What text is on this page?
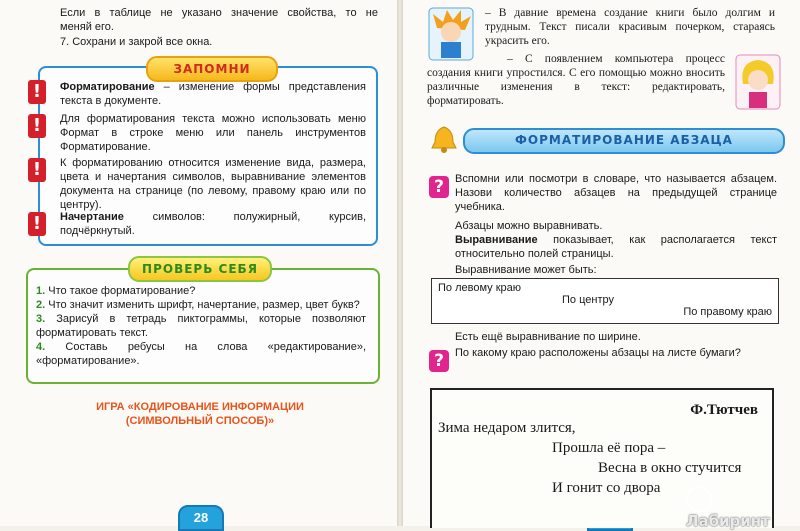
Если в таблице не указано значение свойства, то не
меняй его.
7. Сохрани и закрой все окна.
ЗАПОМНИ
!	Форматирование – изменение формы представления текста в документе.
!	Для форматирования текста можно использовать меню Формат в строке меню или панель инструментов Форматирование.
!	К форматированию относится изменение вида, размера, цвета и начертания символов, выравнивание элементов документа на странице (по левому, правому краю или по центру).
!	Начертание символов: полужирный, курсив, подчёркнутый.
ПРОВЕРЬ СЕБЯ
1. Что такое форматирование?
2. Что значит изменить шрифт, начертание, размер, цвет букв?
3. Зарисуй в тетрадь пиктограммы, которые позволяют форматировать текст.
4. Составь ребусы на слова «редактирование», «форматирование».
ИГРА «КОДИРОВАНИЕ ИНФОРМАЦИИ
(СИМВОЛЬНЫЙ СПОСОБ)»
28
– В давние времена создание книги было долгим и трудным. Текст писали красивым почерком, стараясь украсить его.
– С появлением компьютера процесс создания книги упростился. С его помощью можно вносить различные изменения в текст: редактировать, форматировать.
ФОРМАТИРОВАНИЕ АБЗАЦА
?	Вспомни или посмотри в словаре, что называется абзацем. Назови количество абзацев на предыдущей странице учебника.
Абзацы можно выравнивать.
Выравнивание показывает, как располагается текст относительно полей страницы.
Выравнивание может быть:
По левому краю
По центру
По правому краю
Есть ещё выравнивание по ширине.
?	По какому краю расположены абзацы на листе бумаги?
Ф.Тютчев
Зима недаром злится,
Прошла её пора –
Весна в окно стучится
И гонит со двора
Лабиринт
